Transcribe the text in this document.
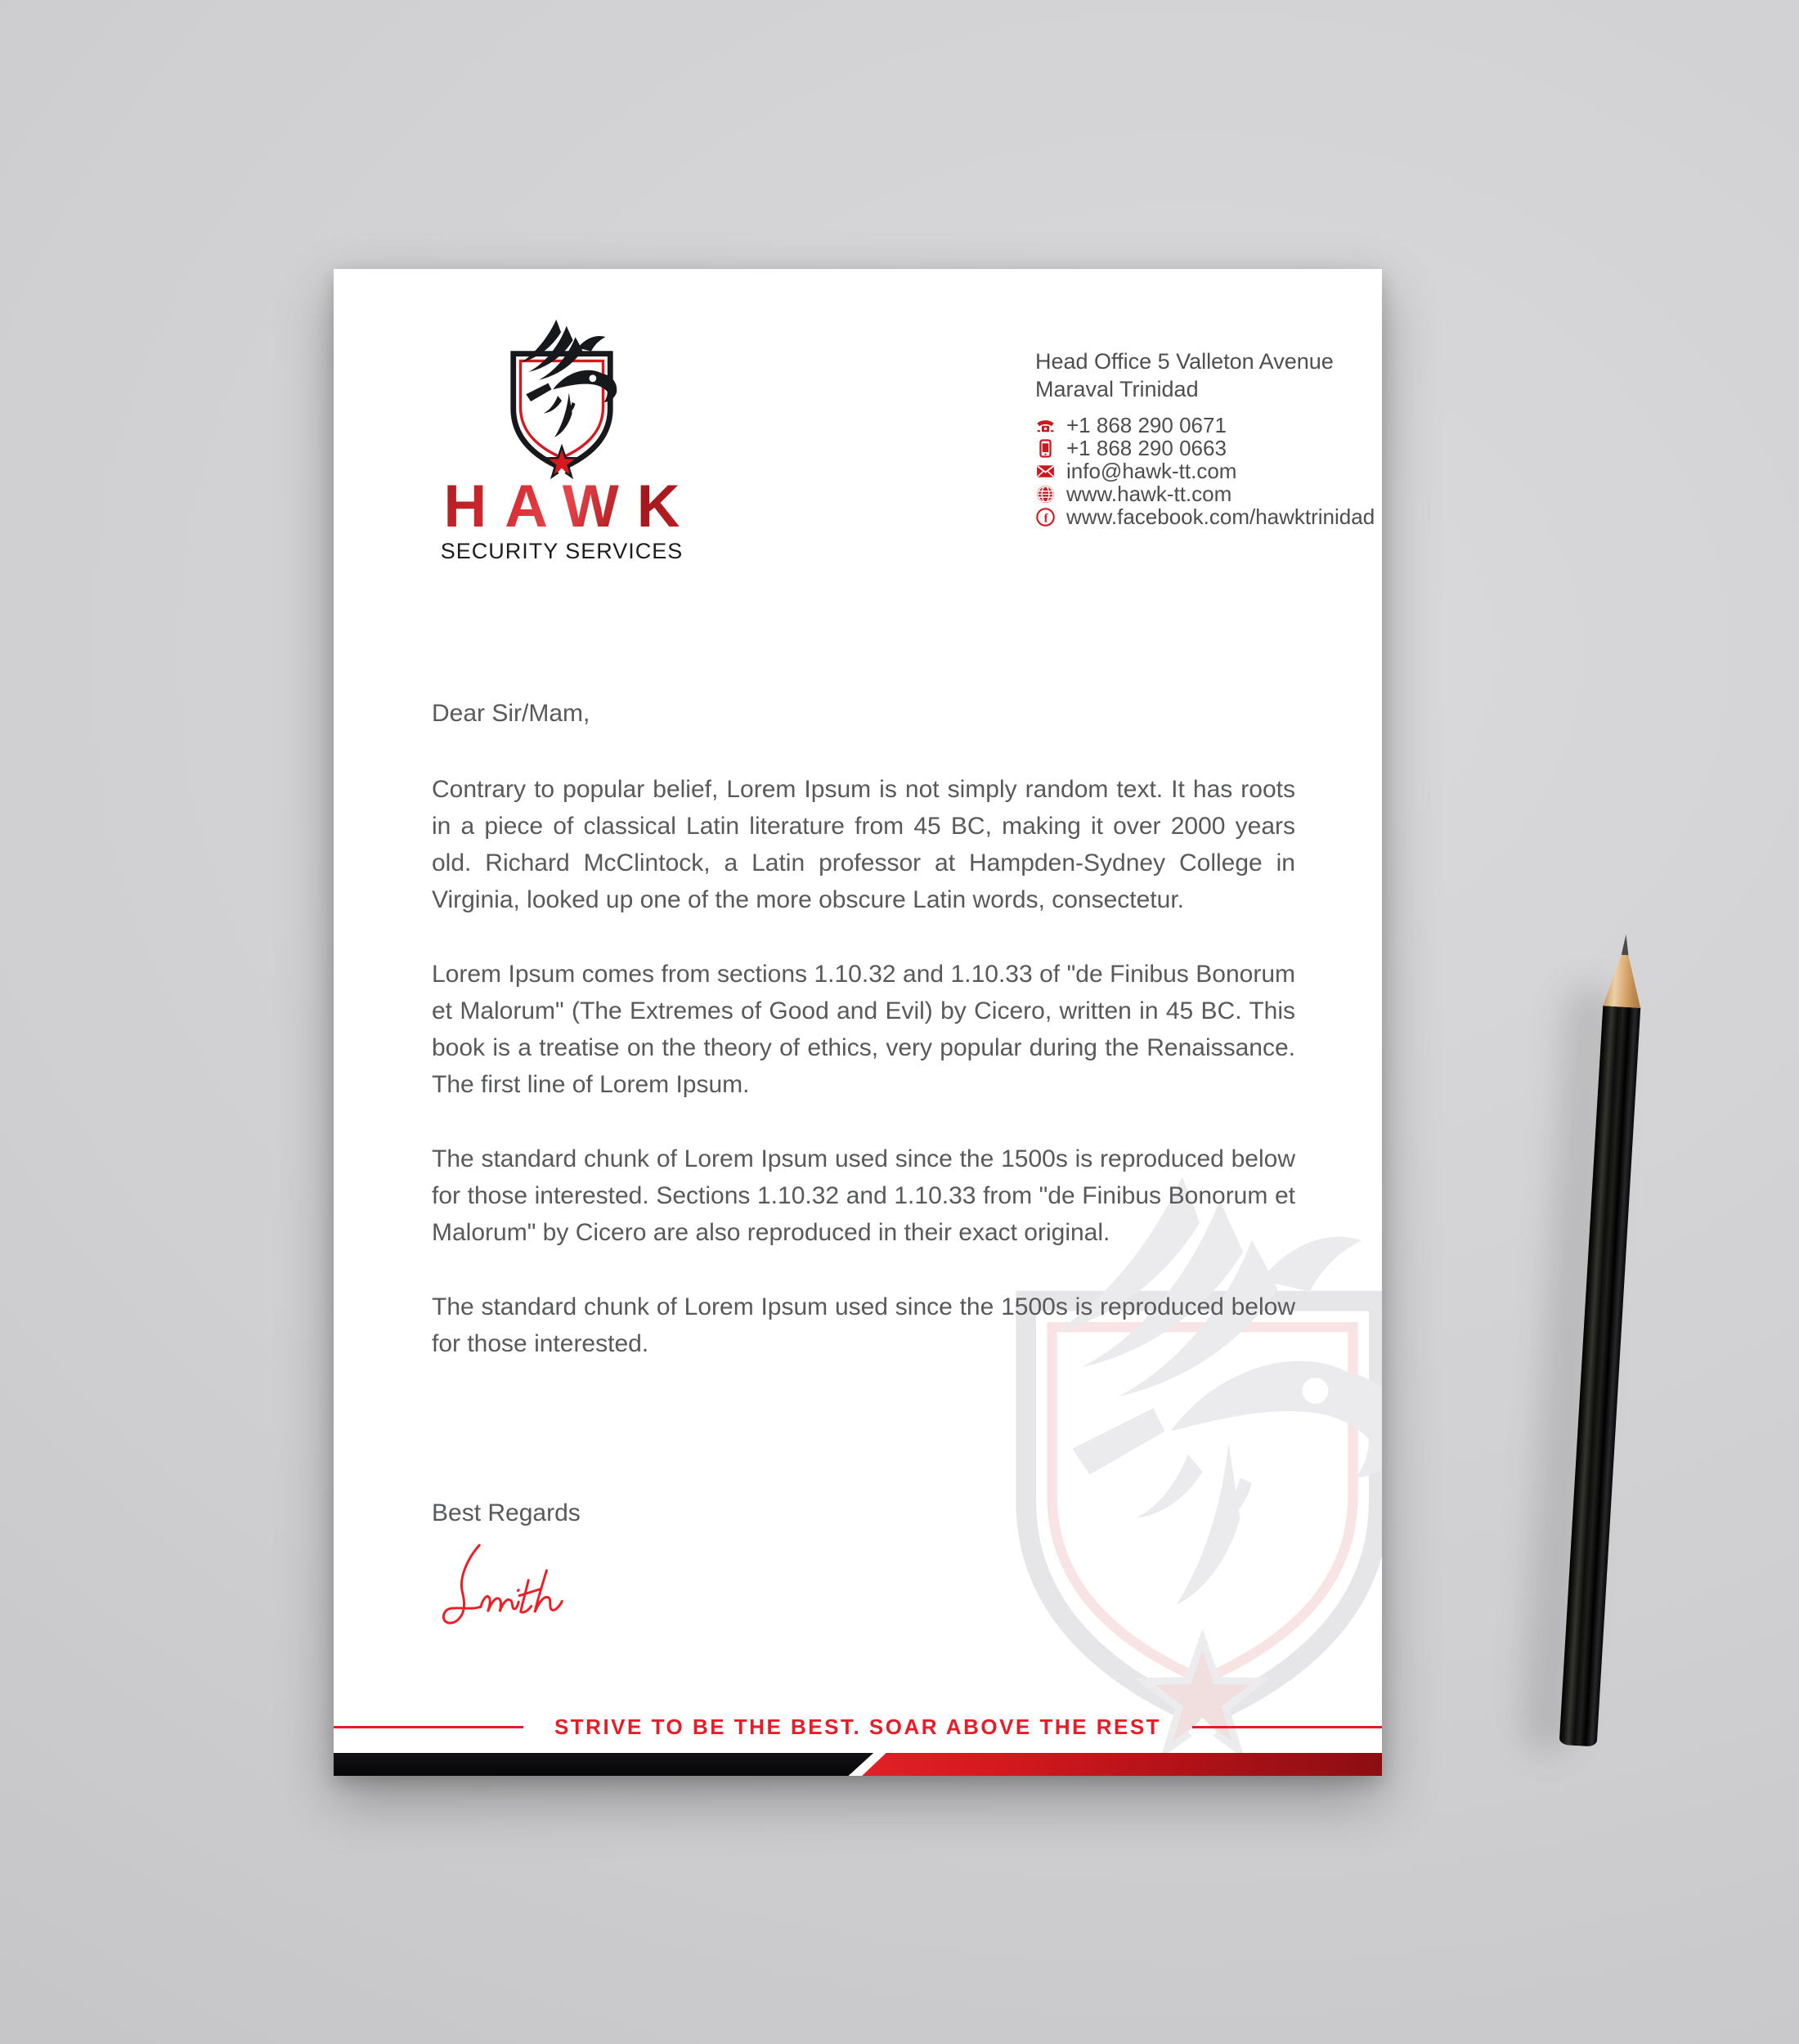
HAWK
SECURITY SERVICES
Head Office 5 Valleton Avenue
Maraval Trinidad
+1 868 290 0671
+1 868 290 0663
info@hawk-tt.com
www.hawk-tt.com
f www.facebook.com/hawktrinidad

Dear Sir/Mam,

Contrary to popular belief, Lorem Ipsum is not simply random text. It has roots in a piece of classical Latin literature from 45 BC, making it over 2000 years old. Richard McClintock, a Latin professor at Hampden-Sydney College in Virginia, looked up one of the more obscure Latin words, consectetur.

Lorem Ipsum comes from sections 1.10.32 and 1.10.33 of "de Finibus Bonorum et Malorum" (The Extremes of Good and Evil) by Cicero, written in 45 BC. This book is a treatise on the theory of ethics, very popular during the Renaissance. The first line of Lorem Ipsum.

The standard chunk of Lorem Ipsum used since the 1500s is reproduced below for those interested. Sections 1.10.32 and 1.10.33 from "de Finibus Bonorum et Malorum" by Cicero are also reproduced in their exact original.

The standard chunk of Lorem Ipsum used since the 1500s is reproduced below for those interested.

Best Regards

STRIVE TO BE THE BEST. SOAR ABOVE THE REST
